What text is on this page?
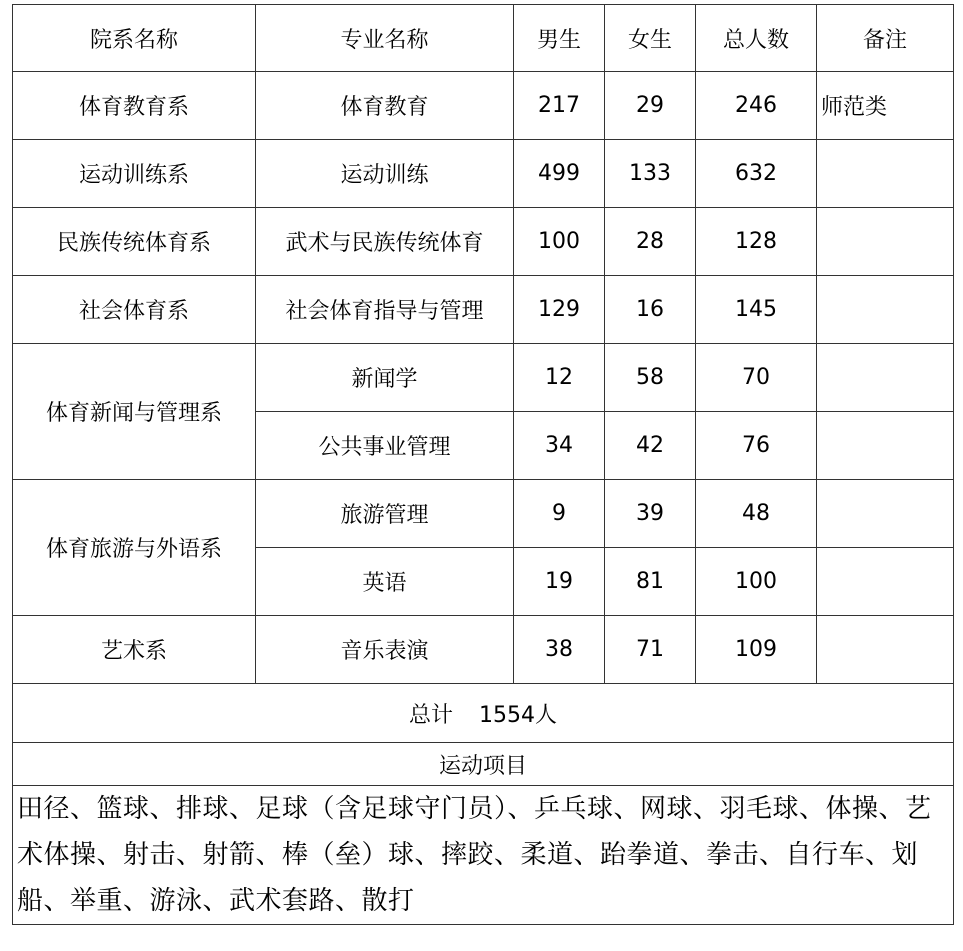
院系名称	专业名称	男生	女生	总人数	备注
体育教育系	体育教育	217	29	246	师范类
运动训练系	运动训练	499	133	632	
民族传统体育系	武术与民族传统体育	100	28	128	
社会体育系	社会体育指导与管理	129	16	145	
体育新闻与管理系	新闻学	12	58	70	
	公共事业管理	34	42	76	
体育旅游与外语系	旅游管理	9	39	48	
	英语	19	81	100	
艺术系	音乐表演	38	71	109	
总计 1554人					
运动项目					
田径、篮球、排球、足球（含足球守门员）、乒乓球、网球、羽毛球、体操、艺术体操、射击、射箭、棒（垒）球、摔跤、柔道、跆拳道、拳击、自行车、划船、举重、游泳、武术套路、散打					
